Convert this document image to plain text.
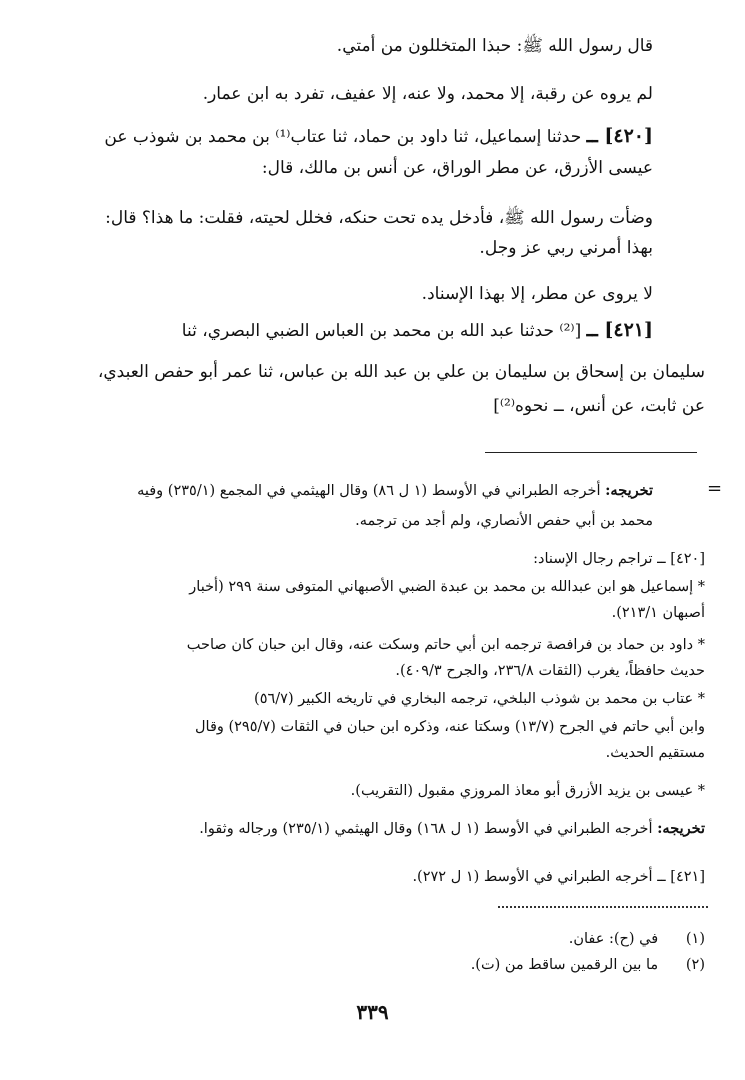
قال رسول الله ﷺ: حبذا المتخللون من أمتي.

لم يروه عن رقبة، إلا محمد، ولا عنه، إلا عفيف، تفرد به ابن عمار.

[٤٢٠] ــ حدثنا إسماعيل، ثنا داود بن حماد، ثنا عتاب⁽¹⁾ بن محمد بن شوذب عن

عيسى الأزرق، عن مطر الوراق، عن أنس بن مالك، قال:

وضأت رسول الله ﷺ، فأدخل يده تحت حنكه، فخلل لحيته، فقلت: ما هذا؟ قال:

بهذا أمرني ربي عز وجل.

لا يروى عن مطر، إلا بهذا الإسناد.

[٤٢١] ــ [⁽²⁾ حدثنا عبد الله بن محمد بن العباس الضبي البصري، ثنا

سليمان بن إسحاق بن سليمان بن علي بن عبد الله بن عباس، ثنا عمر أبو حفص العبدي،

عن ثابت، عن أنس، ــ نحوه⁽²⁾]

=

تخريجه: أخرجه الطبراني في الأوسط (١ ل ٨٦) وقال الهيثمي في المجمع (٢٣٥/١) وفيه

محمد بن أبي حفص الأنصاري، ولم أجد من ترجمه.

[٤٢٠] ــ تراجم رجال الإسناد:

* إسماعيل هو ابن عبدالله بن محمد بن عبدة الضبي الأصبهاني المتوفى سنة ٢٩٩ (أخبار

أصبهان ٢١٣/١).

* داود بن حماد بن فرافصة ترجمه ابن أبي حاتم وسكت عنه، وقال ابن حبان كان صاحب

حديث حافظاً، يغرب (الثقات ٢٣٦/٨، والجرح ٤٠٩/٣).

* عتاب بن محمد بن شوذب البلخي، ترجمه البخاري في تاريخه الكبير (٥٦/٧)

وابن أبي حاتم في الجرح (١٣/٧) وسكتا عنه، وذكره ابن حبان في الثقات (٢٩٥/٧) وقال

مستقيم الحديث.

* عيسى بن يزيد الأزرق أبو معاذ المروزي مقبول (التقريب).

تخريجه: أخرجه الطبراني في الأوسط (١ ل ١٦٨) وقال الهيثمي (٢٣٥/١) ورجاله وثقوا.

[٤٢١] ــ أخرجه الطبراني في الأوسط (١ ل ٢٧٢).

(١)      في (ح): عفان.

(٢)      ما بين الرقمين ساقط من (ت).

٣٣٩
